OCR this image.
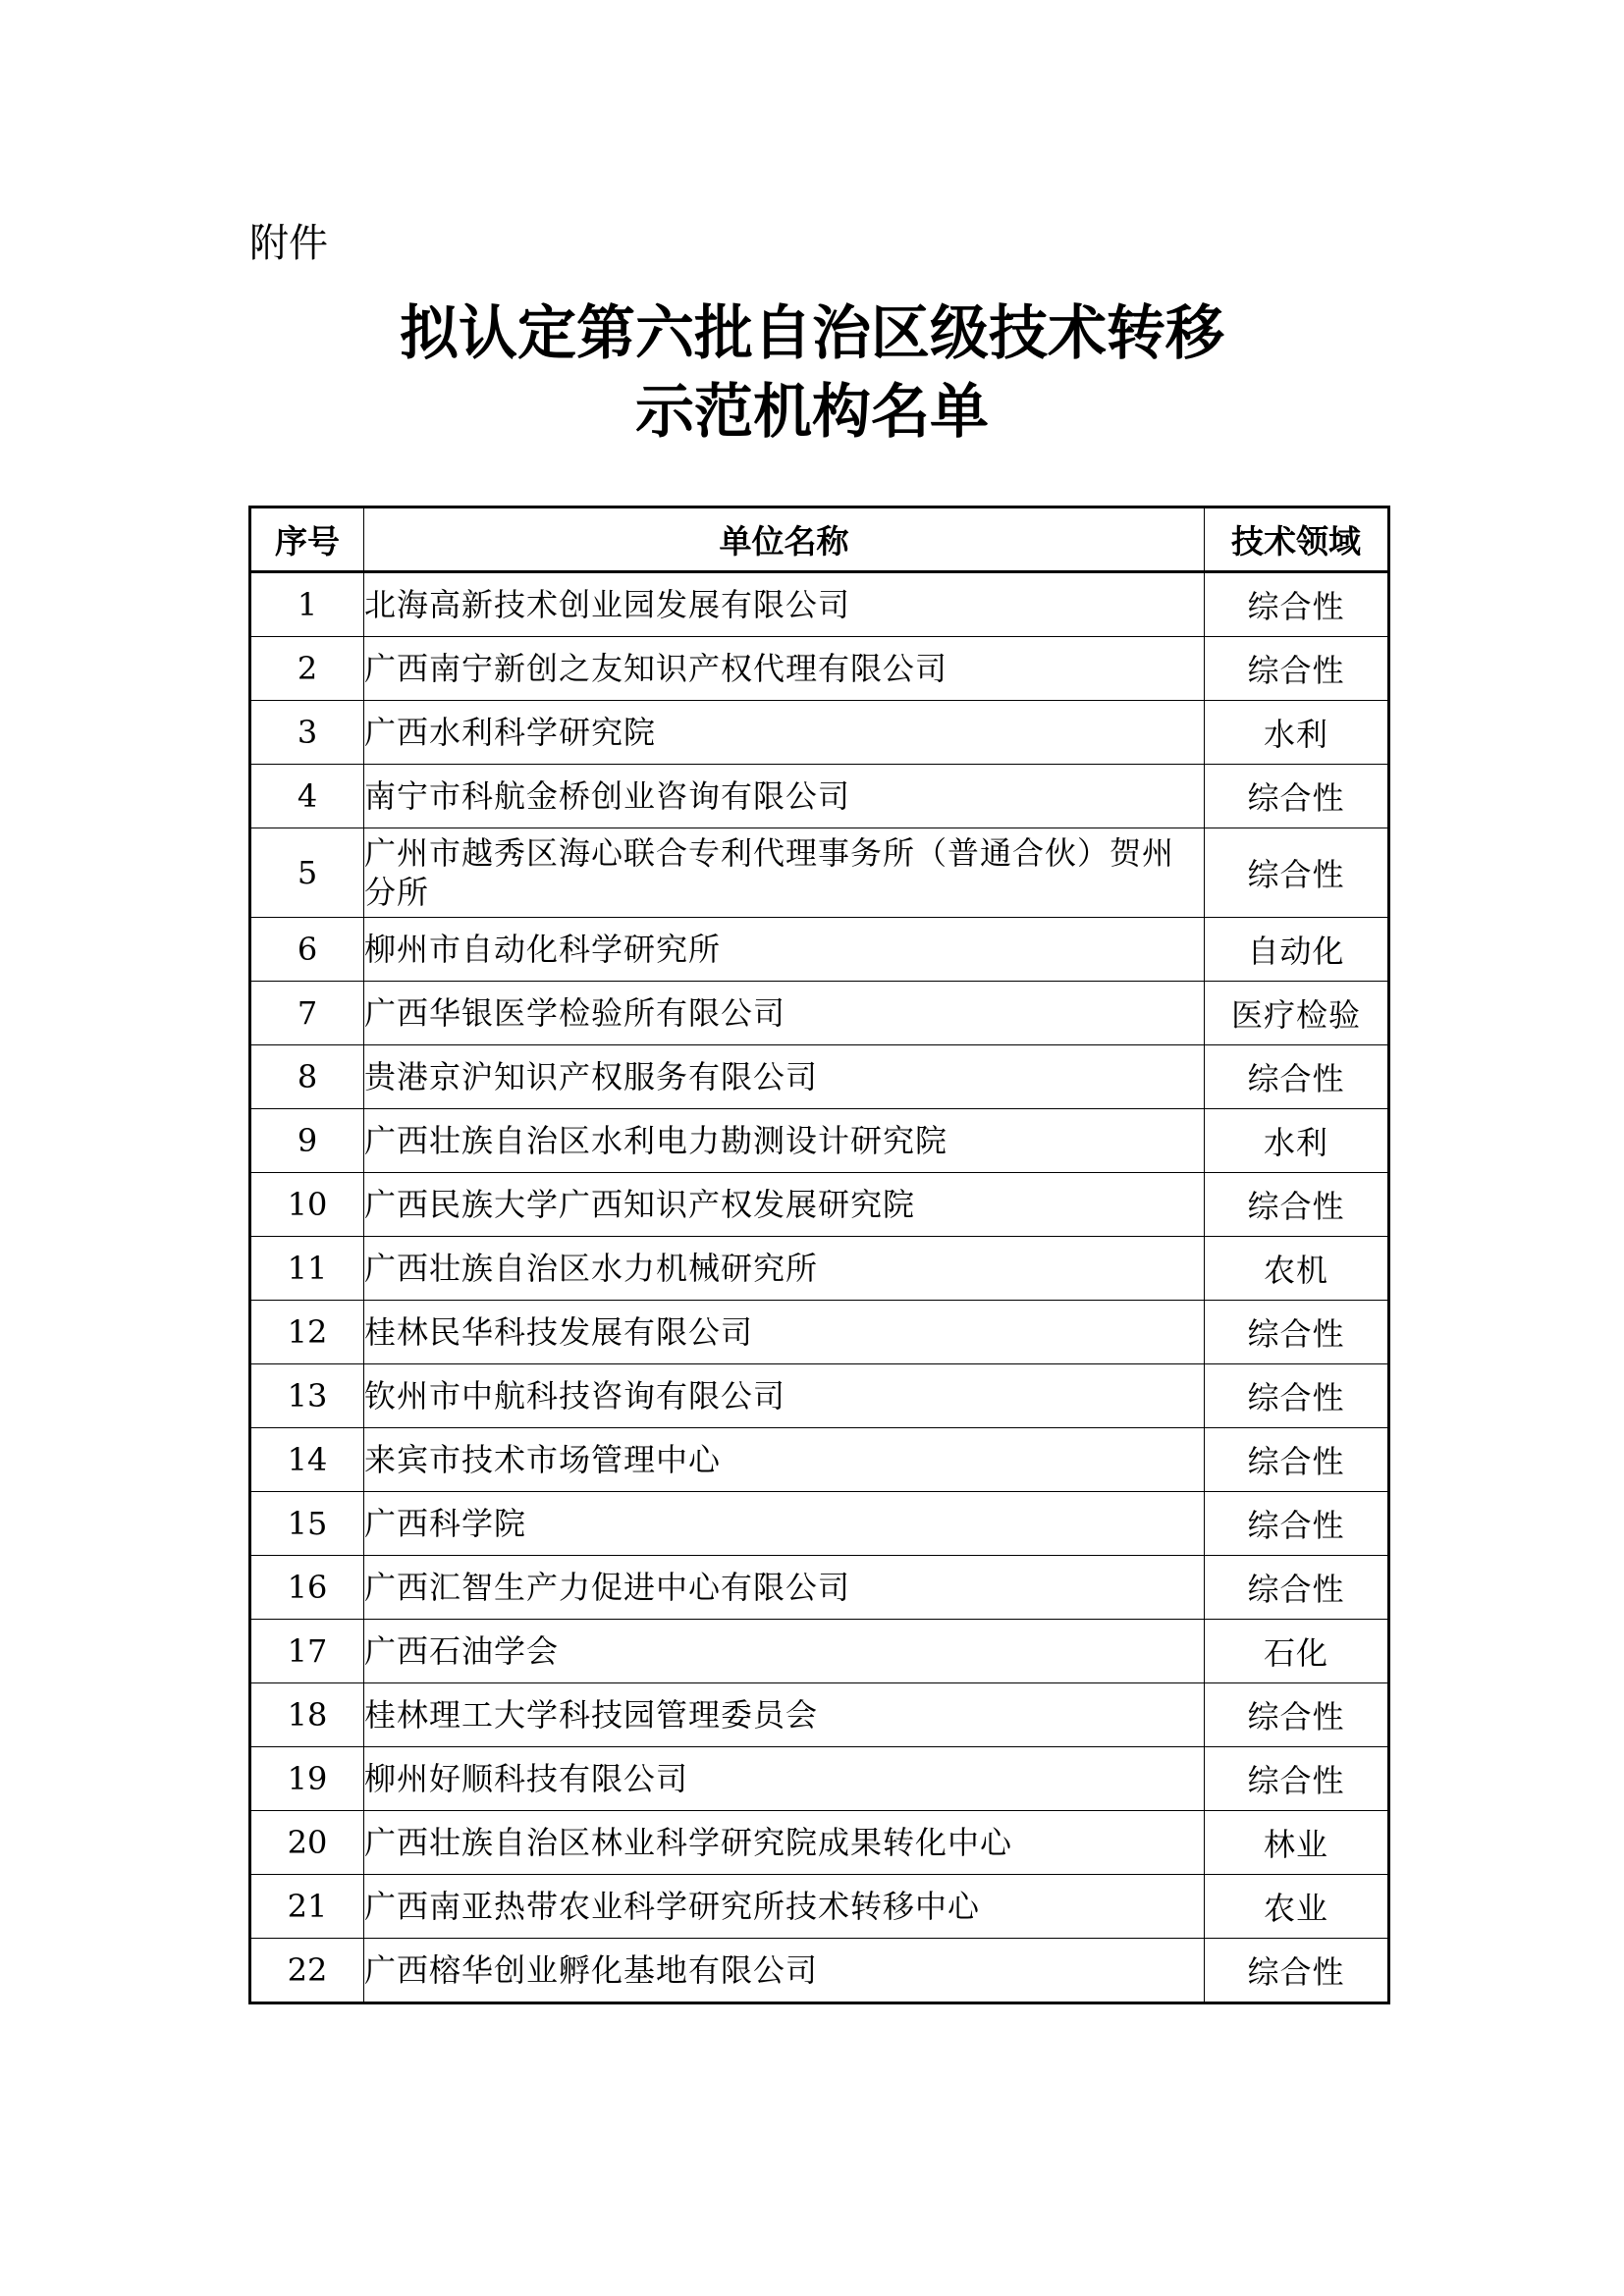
附件
拟认定第六批自治区级技术转移
示范机构名单
序号	单位名称	技术领域
1	北海高新技术创业园发展有限公司	综合性
2	广西南宁新创之友知识产权代理有限公司	综合性
3	广西水利科学研究院	水利
4	南宁市科航金桥创业咨询有限公司	综合性
5	广州市越秀区海心联合专利代理事务所（普通合伙）贺州分所	综合性
6	柳州市自动化科学研究所	自动化
7	广西华银医学检验所有限公司	医疗检验
8	贵港京沪知识产权服务有限公司	综合性
9	广西壮族自治区水利电力勘测设计研究院	水利
10	广西民族大学广西知识产权发展研究院	综合性
11	广西壮族自治区水力机械研究所	农机
12	桂林民华科技发展有限公司	综合性
13	钦州市中航科技咨询有限公司	综合性
14	来宾市技术市场管理中心	综合性
15	广西科学院	综合性
16	广西汇智生产力促进中心有限公司	综合性
17	广西石油学会	石化
18	桂林理工大学科技园管理委员会	综合性
19	柳州好顺科技有限公司	综合性
20	广西壮族自治区林业科学研究院成果转化中心	林业
21	广西南亚热带农业科学研究所技术转移中心	农业
22	广西榕华创业孵化基地有限公司	综合性
